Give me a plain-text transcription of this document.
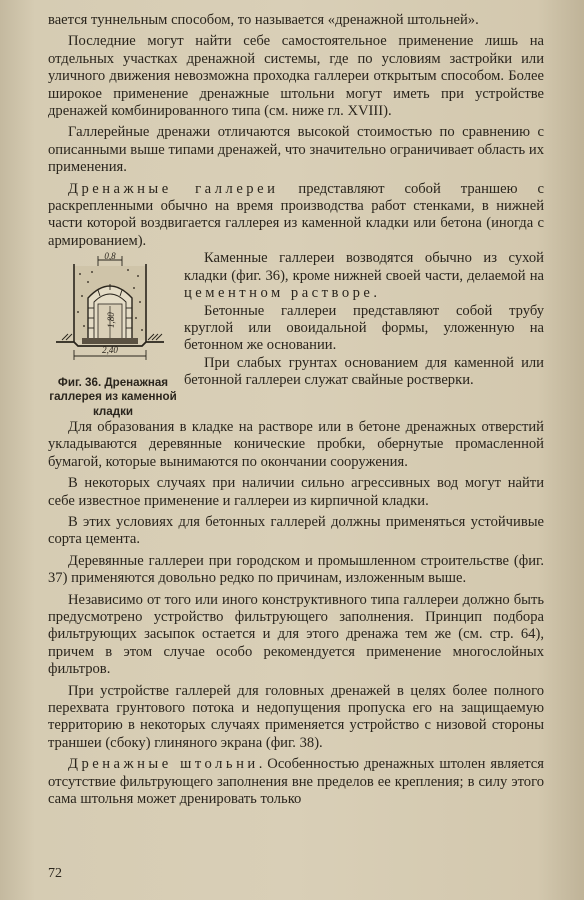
вается туннельным способом, то называется «дренажной штольней».

Последние могут найти себе самостоятельное применение лишь на отдельных участках дренажной системы, где по условиям застройки или уличного движения невозможна проходка галлереи открытым способом. Более широкое применение дренажные штольни могут иметь при устройстве дренажей комбинированного типа (см. ниже гл. XVIII).

Галлерейные дренажи отличаются высокой стоимостью по сравнению с описанными выше типами дренажей, что значительно ограничивает область их применения.

Дренажные галлереи представляют собой траншею с раскрепленными обычно на время производства работ стенками, в нижней части которой воздвигается галлерея из каменной кладки или бетона (иногда с армированием).

0,8
1,80
2,40
Фиг. 36. Дренажная галлерея из каменной кладки

Каменные галлереи возводятся обычно из сухой кладки (фиг. 36), кроме нижней своей части, делаемой на цементном растворе.

Бетонные галлереи представляют собой трубу круглой или овоидальной формы, уложенную на бетонном же основании.

При слабых грунтах основанием для каменной или бетонной галлереи служат свайные ростверки.

Для образования в кладке на растворе или в бетоне дренажных отверстий укладываются деревянные конические пробки, обернутые промасленной бумагой, которые вынимаются по окончании сооружения.

В некоторых случаях при наличии сильно агрессивных вод могут найти себе известное применение и галлереи из кирпичной кладки.

В этих условиях для бетонных галлерей должны применяться устойчивые сорта цемента.

Деревянные галлереи при городском и промышленном строительстве (фиг. 37) применяются довольно редко по причинам, изложенным выше.

Независимо от того или иного конструктивного типа галлереи должно быть предусмотрено устройство фильтрующего заполнения. Принцип подбора фильтрующих засыпок остается и для этого дренажа тем же (см. стр. 64), причем в этом случае особо рекомендуется применение многослойных фильтров.

При устройстве галлерей для головных дренажей в целях более полного перехвата грунтового потока и недопущения пропуска его на защищаемую территорию в некоторых случаях применяется устройство с низовой стороны траншеи (сбоку) глиняного экрана (фиг. 38).

Дренажные штольни. Особенностью дренажных штолен является отсутствие фильтрующего заполнения вне пределов ее крепления; в силу этого сама штольня может дренировать только

72
